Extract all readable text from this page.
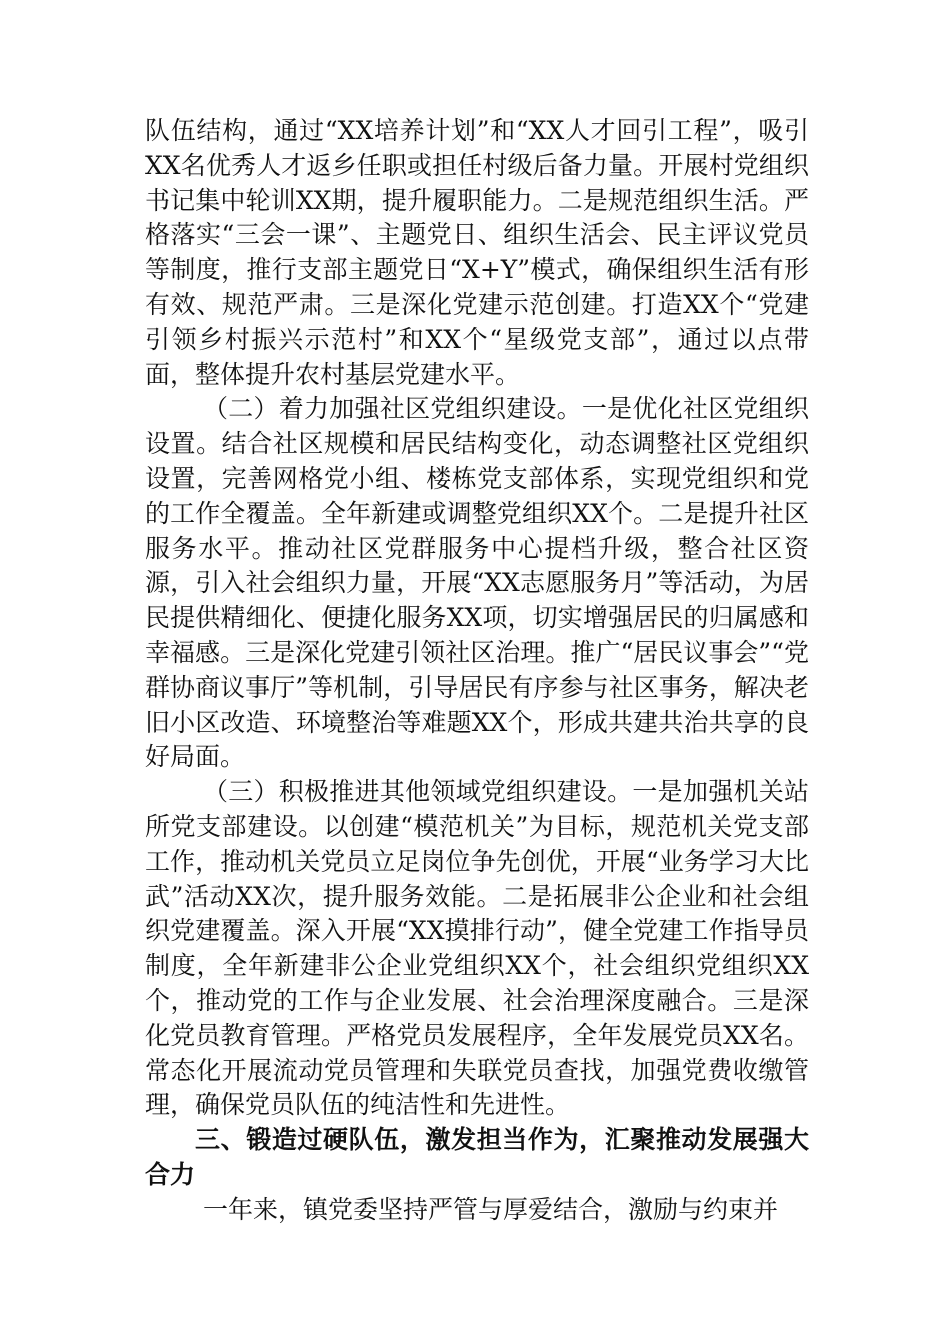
队伍结构，通过“XX培养计划”和“XX人才回引工程”，吸引XX名优秀人才返乡任职或担任村级后备力量。开展村党组织书记集中轮训XX期，提升履职能力。二是规范组织生活。严格落实“三会一课”、主题党日、组织生活会、民主评议党员等制度，推行支部主题党日“X+Y”模式，确保组织生活有形有效、规范严肃。三是深化党建示范创建。打造XX个“党建引领乡村振兴示范村”和XX个“星级党支部”，通过以点带面，整体提升农村基层党建水平。

（二）着力加强社区党组织建设。一是优化社区党组织设置。结合社区规模和居民结构变化，动态调整社区党组织设置，完善网格党小组、楼栋党支部体系，实现党组织和党的工作全覆盖。全年新建或调整党组织XX个。二是提升社区服务水平。推动社区党群服务中心提档升级，整合社区资源，引入社会组织力量，开展“XX志愿服务月”等活动，为居民提供精细化、便捷化服务XX项，切实增强居民的归属感和幸福感。三是深化党建引领社区治理。推广“居民议事会”“党群协商议事厅”等机制，引导居民有序参与社区事务，解决老旧小区改造、环境整治等难题XX个，形成共建共治共享的良好局面。

（三）积极推进其他领域党组织建设。一是加强机关站所党支部建设。以创建“模范机关”为目标，规范机关党支部工作，推动机关党员立足岗位争先创优，开展“业务学习大比武”活动XX次，提升服务效能。二是拓展非公企业和社会组织党建覆盖。深入开展“XX摸排行动”，健全党建工作指导员制度，全年新建非公企业党组织XX个，社会组织党组织XX个，推动党的工作与企业发展、社会治理深度融合。三是深化党员教育管理。严格党员发展程序，全年发展党员XX名。常态化开展流动党员管理和失联党员查找，加强党费收缴管理，确保党员队伍的纯洁性和先进性。

三、锻造过硬队伍，激发担当作为，汇聚推动发展强大合力

一年来，镇党委坚持严管与厚爱结合，激励与约束并
